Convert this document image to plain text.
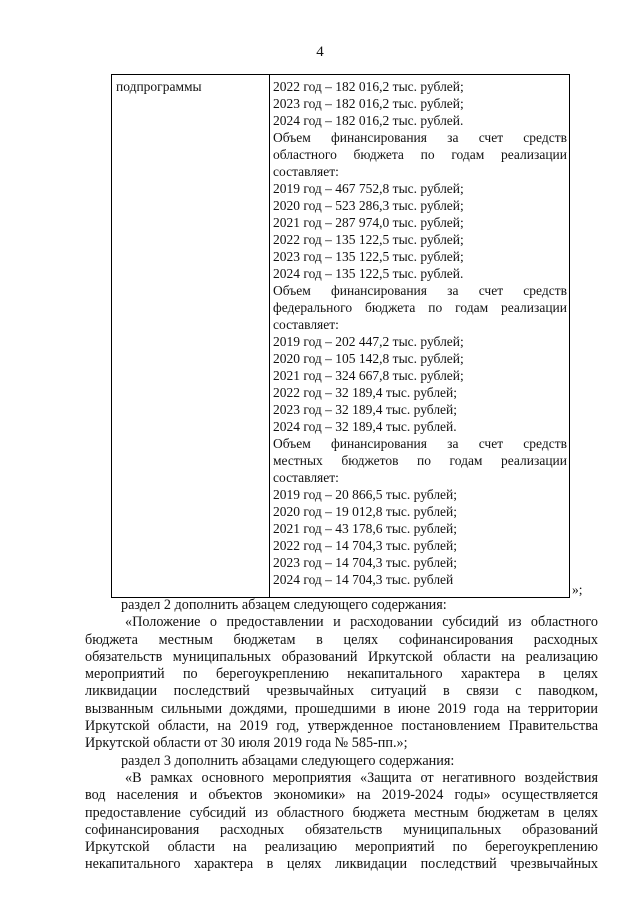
4
подпрограммы	2022 год – 182 016,2 тыс. рублей;
2023 год – 182 016,2 тыс. рублей;
2024 год – 182 016,2 тыс. рублей.
Объем финансирования за счет средств
областного бюджета по годам реализации
составляет:
2019 год – 467 752,8 тыс. рублей;
2020 год – 523 286,3 тыс. рублей;
2021 год – 287 974,0 тыс. рублей;
2022 год – 135 122,5 тыс. рублей;
2023 год – 135 122,5 тыс. рублей;
2024 год – 135 122,5 тыс. рублей.
Объем финансирования за счет средств
федерального бюджета по годам реализации
составляет:
2019 год – 202 447,2 тыс. рублей;
2020 год – 105 142,8 тыс. рублей;
2021 год – 324 667,8 тыс. рублей;
2022 год – 32 189,4 тыс. рублей;
2023 год – 32 189,4 тыс. рублей;
2024 год – 32 189,4 тыс. рублей.
Объем финансирования за счет средств
местных бюджетов по годам реализации
составляет:
2019 год – 20 866,5 тыс. рублей;
2020 год – 19 012,8 тыс. рублей;
2021 год – 43 178,6 тыс. рублей;
2022 год – 14 704,3 тыс. рублей;
2023 год – 14 704,3 тыс. рублей;
2024 год – 14 704,3 тыс. рублей
»;
раздел 2 дополнить абзацем следующего содержания:
«Положение о предоставлении и расходовании субсидий из областного
бюджета местным бюджетам в целях софинансирования расходных
обязательств муниципальных образований Иркутской области на реализацию
мероприятий по берегоукреплению некапитального характера в целях
ликвидации последствий чрезвычайных ситуаций в связи с паводком,
вызванным сильными дождями, прошедшими в июне 2019 года на территории
Иркутской области, на 2019 год, утвержденное постановлением Правительства
Иркутской области от 30 июля 2019 года № 585-пп.»;
раздел 3 дополнить абзацами следующего содержания:
«В рамках основного мероприятия «Защита от негативного воздействия
вод населения и объектов экономики» на 2019-2024 годы» осуществляется
предоставление субсидий из областного бюджета местным бюджетам в целях
софинансирования расходных обязательств муниципальных образований
Иркутской области на реализацию мероприятий по берегоукреплению
некапитального характера в целях ликвидации последствий чрезвычайных
